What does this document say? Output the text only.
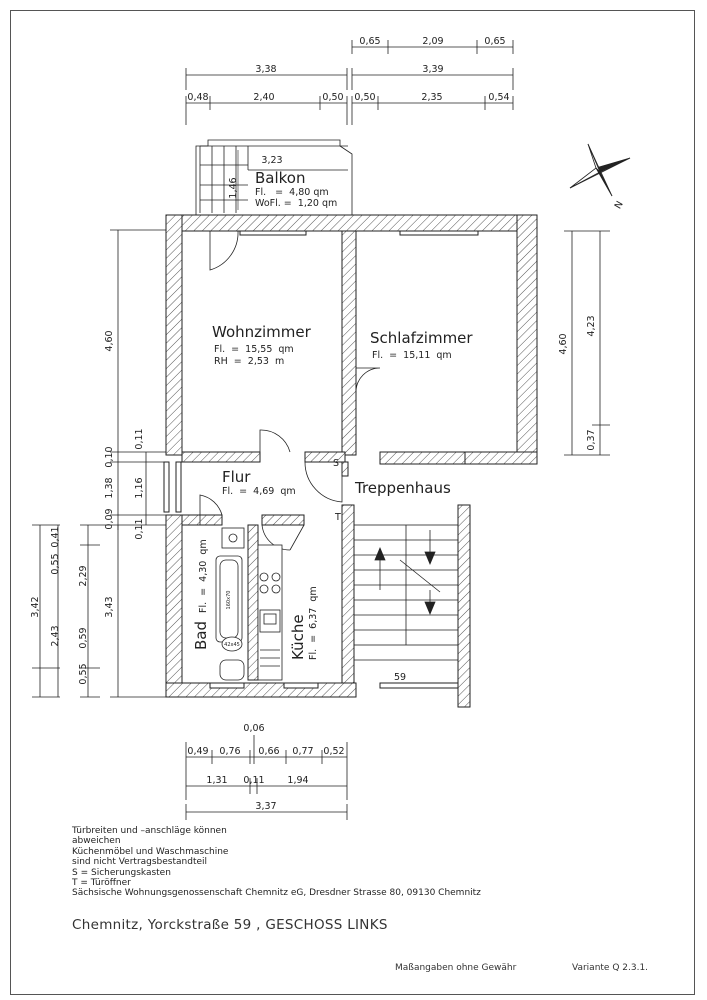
0,65	2,09	0,65
3,39
0,50	2,35	0,54
3,38
0,48	2,40	0,50
3,23
1,46 Balkon
Fl.   =  4,80 qm
WoFl. =  1,20 qm	N
59
160x70
42x45
Wohnzimmer
Fl.  =  15,55  qm
RH  =  2,53  m
Schlafzimmer
Fl.  =  15,11  qm
Flur
Fl.  =  4,69  qm	Treppenhaus
S
T
Bad
Fl.  =  4,30  qm
Küche Fl.  =  6,37  qm
4,60
0,10
1,38
0,09
0,11
1,16
0,11
3,43
2,29
0,59
0,41
0,55
3,42
2,43
0,55
4,60
4,23
0,37
0,06
0,49 0,76 0,66 0,77 0,52
1,31 0,11 1,94
3,37
Türbreiten und –anschläge können
abweichen
Küchenmöbel und Waschmaschine
sind nicht Vertragsbestandteil
S = Sicherungskasten
T = Türöffner
Sächsische Wohnungsgenossenschaft Chemnitz eG, Dresdner Strasse 80, 09130 Chemnitz
Chemnitz, Yorckstraße 59 , GESCHOSS LINKS
Maßangaben ohne Gewähr	Variante Q 2.3.1.
